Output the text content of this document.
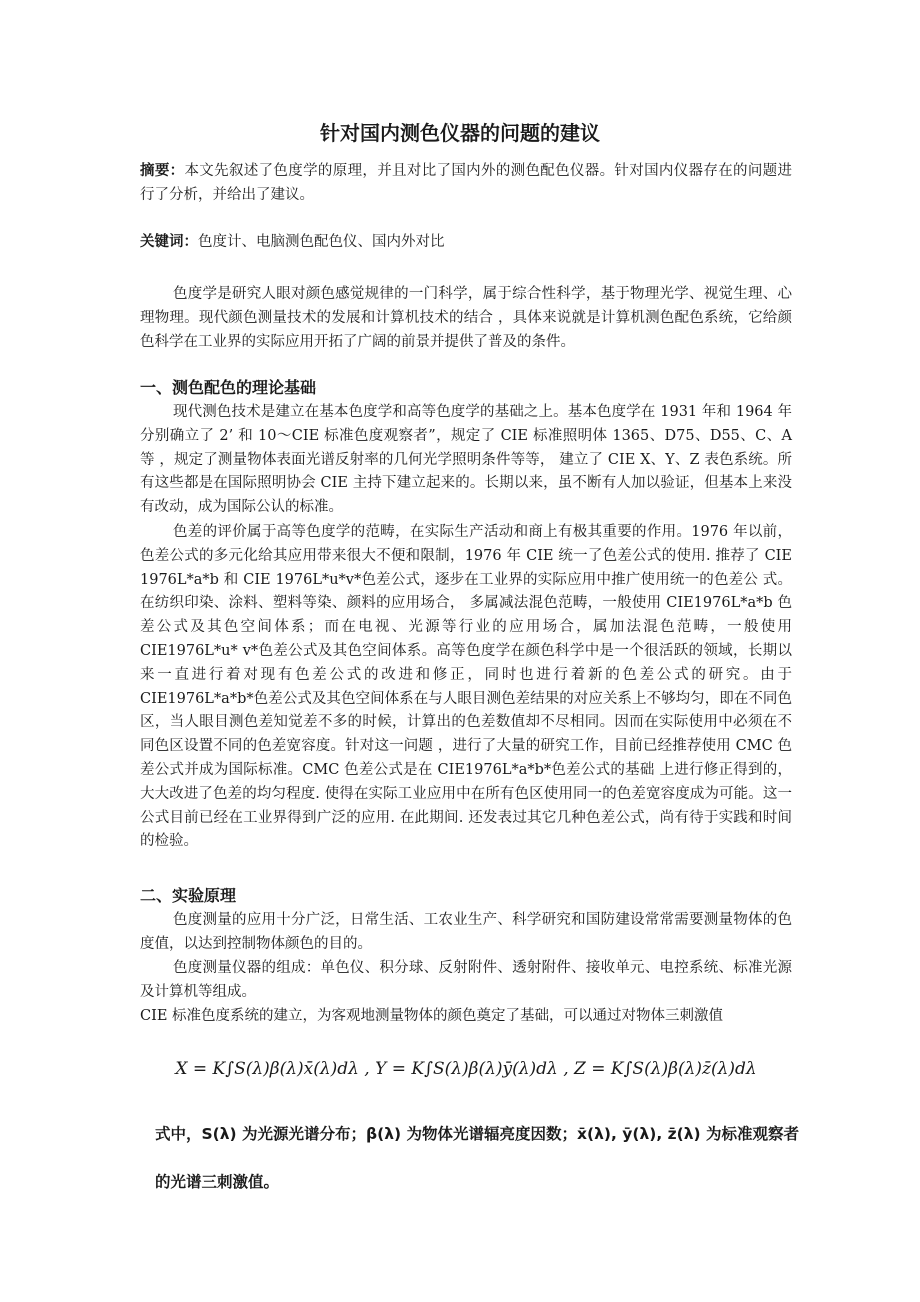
针对国内测色仪器的问题的建议
摘要：本文先叙述了色度学的原理，并且对比了国内外的测色配色仪器。针对国内仪器存在的问题进行了分析，并给出了建议。
关键词：色度计、电脑测色配色仪、国内外对比
色度学是研究人眼对颜色感觉规律的一门科学，属于综合性科学，基于物理光学、视觉生理、心理物理。现代颜色测量技术的发展和计算机技术的结合 ，具体来说就是计算机测色配色系统，它给颜色科学在工业界的实际应用开拓了广阔的前景并提供了普及的条件。
一、测色配色的理论基础
现代测色技术是建立在基本色度学和高等色度学的基础之上。基本色度学在 1931 年和 1964 年分别确立了 2’ 和 10～CIE 标准色度观察者”，规定了 CIE 标准照明体 1365、D75、D55、C、A 等 ，规定了测量物体表面光谱反射率的几何光学照明条件等等， 建立了 CIE X、Y、Z 表色系统。所有这些都是在国际照明协会 CIE 主持下建立起来的。长期以来，虽不断有人加以验证，但基本上来没有改动，成为国际公认的标准。
色差的评价属于高等色度学的范畴，在实际生产活动和商上有极其重要的作用。1976 年以前，色差公式的多元化给其应用带来很大不便和限制，1976 年 CIE 统一了色差公式的使用. 推荐了 CIE 1976L*a*b 和 CIE 1976L*u*v*色差公式，逐步在工业界的实际应用中推广使用统一的色差公 式。在纺织印染、涂料、塑料等染、颜料的应用场合， 多属减法混色范畴，一般使用 CIE1976L*a*b 色差公式及其色空间体系；而在电视、光源等行业的应用场合，属加法混色范畴，一般使用 CIE1976L*u* v*色差公式及其色空间体系。高等色度学在颜色科学中是一个很活跃的领域，长期以来一直进行着对现有色差公式的改进和修正，同时也进行着新的色差公式的研究。由于 CIE1976L*a*b*色差公式及其色空间体系在与人眼目测色差结果的对应关系上不够均匀，即在不同色区，当人眼目测色差知觉差不多的时候，计算出的色差数值却不尽相同。因而在实际使用中必须在不同色区设置不同的色差宽容度。针对这一问题 ，进行了大量的研究工作，目前已经推荐使用 CMC 色差公式并成为国际标准。CMC 色差公式是在 CIE1976L*a*b*色差公式的基础 上进行修正得到的，大大改进了色差的均匀程度. 使得在实际工业应用中在所有色区使用同一的色差宽容度成为可能。这一公式目前已经在工业界得到广泛的应用. 在此期间. 还发表过其它几种色差公式，尚有待于实践和时间的检验。
二、实验原理
色度测量的应用十分广泛，日常生活、工农业生产、科学研究和国防建设常常需要测量物体的色度值，以达到控制物体颜色的目的。
色度测量仪器的组成：单色仪、积分球、反射附件、透射附件、接收单元、电控系统、标准光源及计算机等组成。
CIE 标准色度系统的建立，为客观地测量物体的颜色奠定了基础，可以通过对物体三刺激值
X = K∫S(λ)β(λ)x̄(λ)dλ , Y = K∫S(λ)β(λ)ȳ(λ)dλ , Z = K∫S(λ)β(λ)z̄(λ)dλ
式中，S(λ) 为光源光谱分布；β(λ) 为物体光谱辐亮度因数；x̄(λ), ȳ(λ), z̄(λ) 为标准观察者的光谱三刺激值。
